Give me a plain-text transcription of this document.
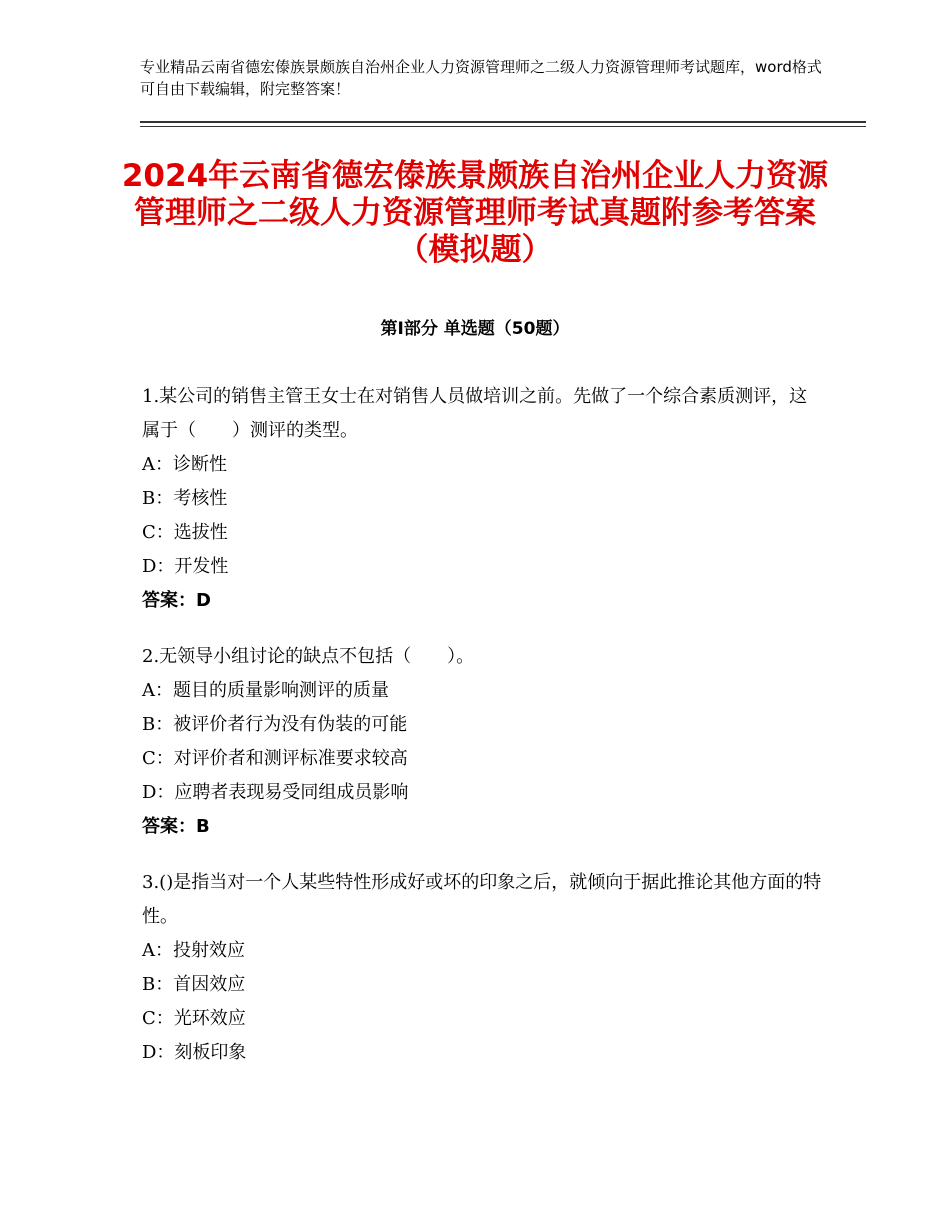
专业精品云南省德宏傣族景颇族自治州企业人力资源管理师之二级人力资源管理师考试题库，word格式可自由下载编辑，附完整答案！
2024年云南省德宏傣族景颇族自治州企业人力资源管理师之二级人力资源管理师考试真题附参考答案（模拟题）
第Ⅰ部分 单选题（50题）

1.某公司的销售主管王女士在对销售人员做培训之前。先做了一个综合素质测评，这属于（　　）测评的类型。

A：诊断性

B：考核性

C：选拔性

D：开发性

答案：D

2.无领导小组讨论的缺点不包括（　　）。

A：题目的质量影响测评的质量

B：被评价者行为没有伪装的可能

C：对评价者和测评标准要求较高

D：应聘者表现易受同组成员影响

答案：B

3.()是指当对一个人某些特性形成好或坏的印象之后，就倾向于据此推论其他方面的特性。

A：投射效应

B：首因效应

C：光环效应

D：刻板印象
